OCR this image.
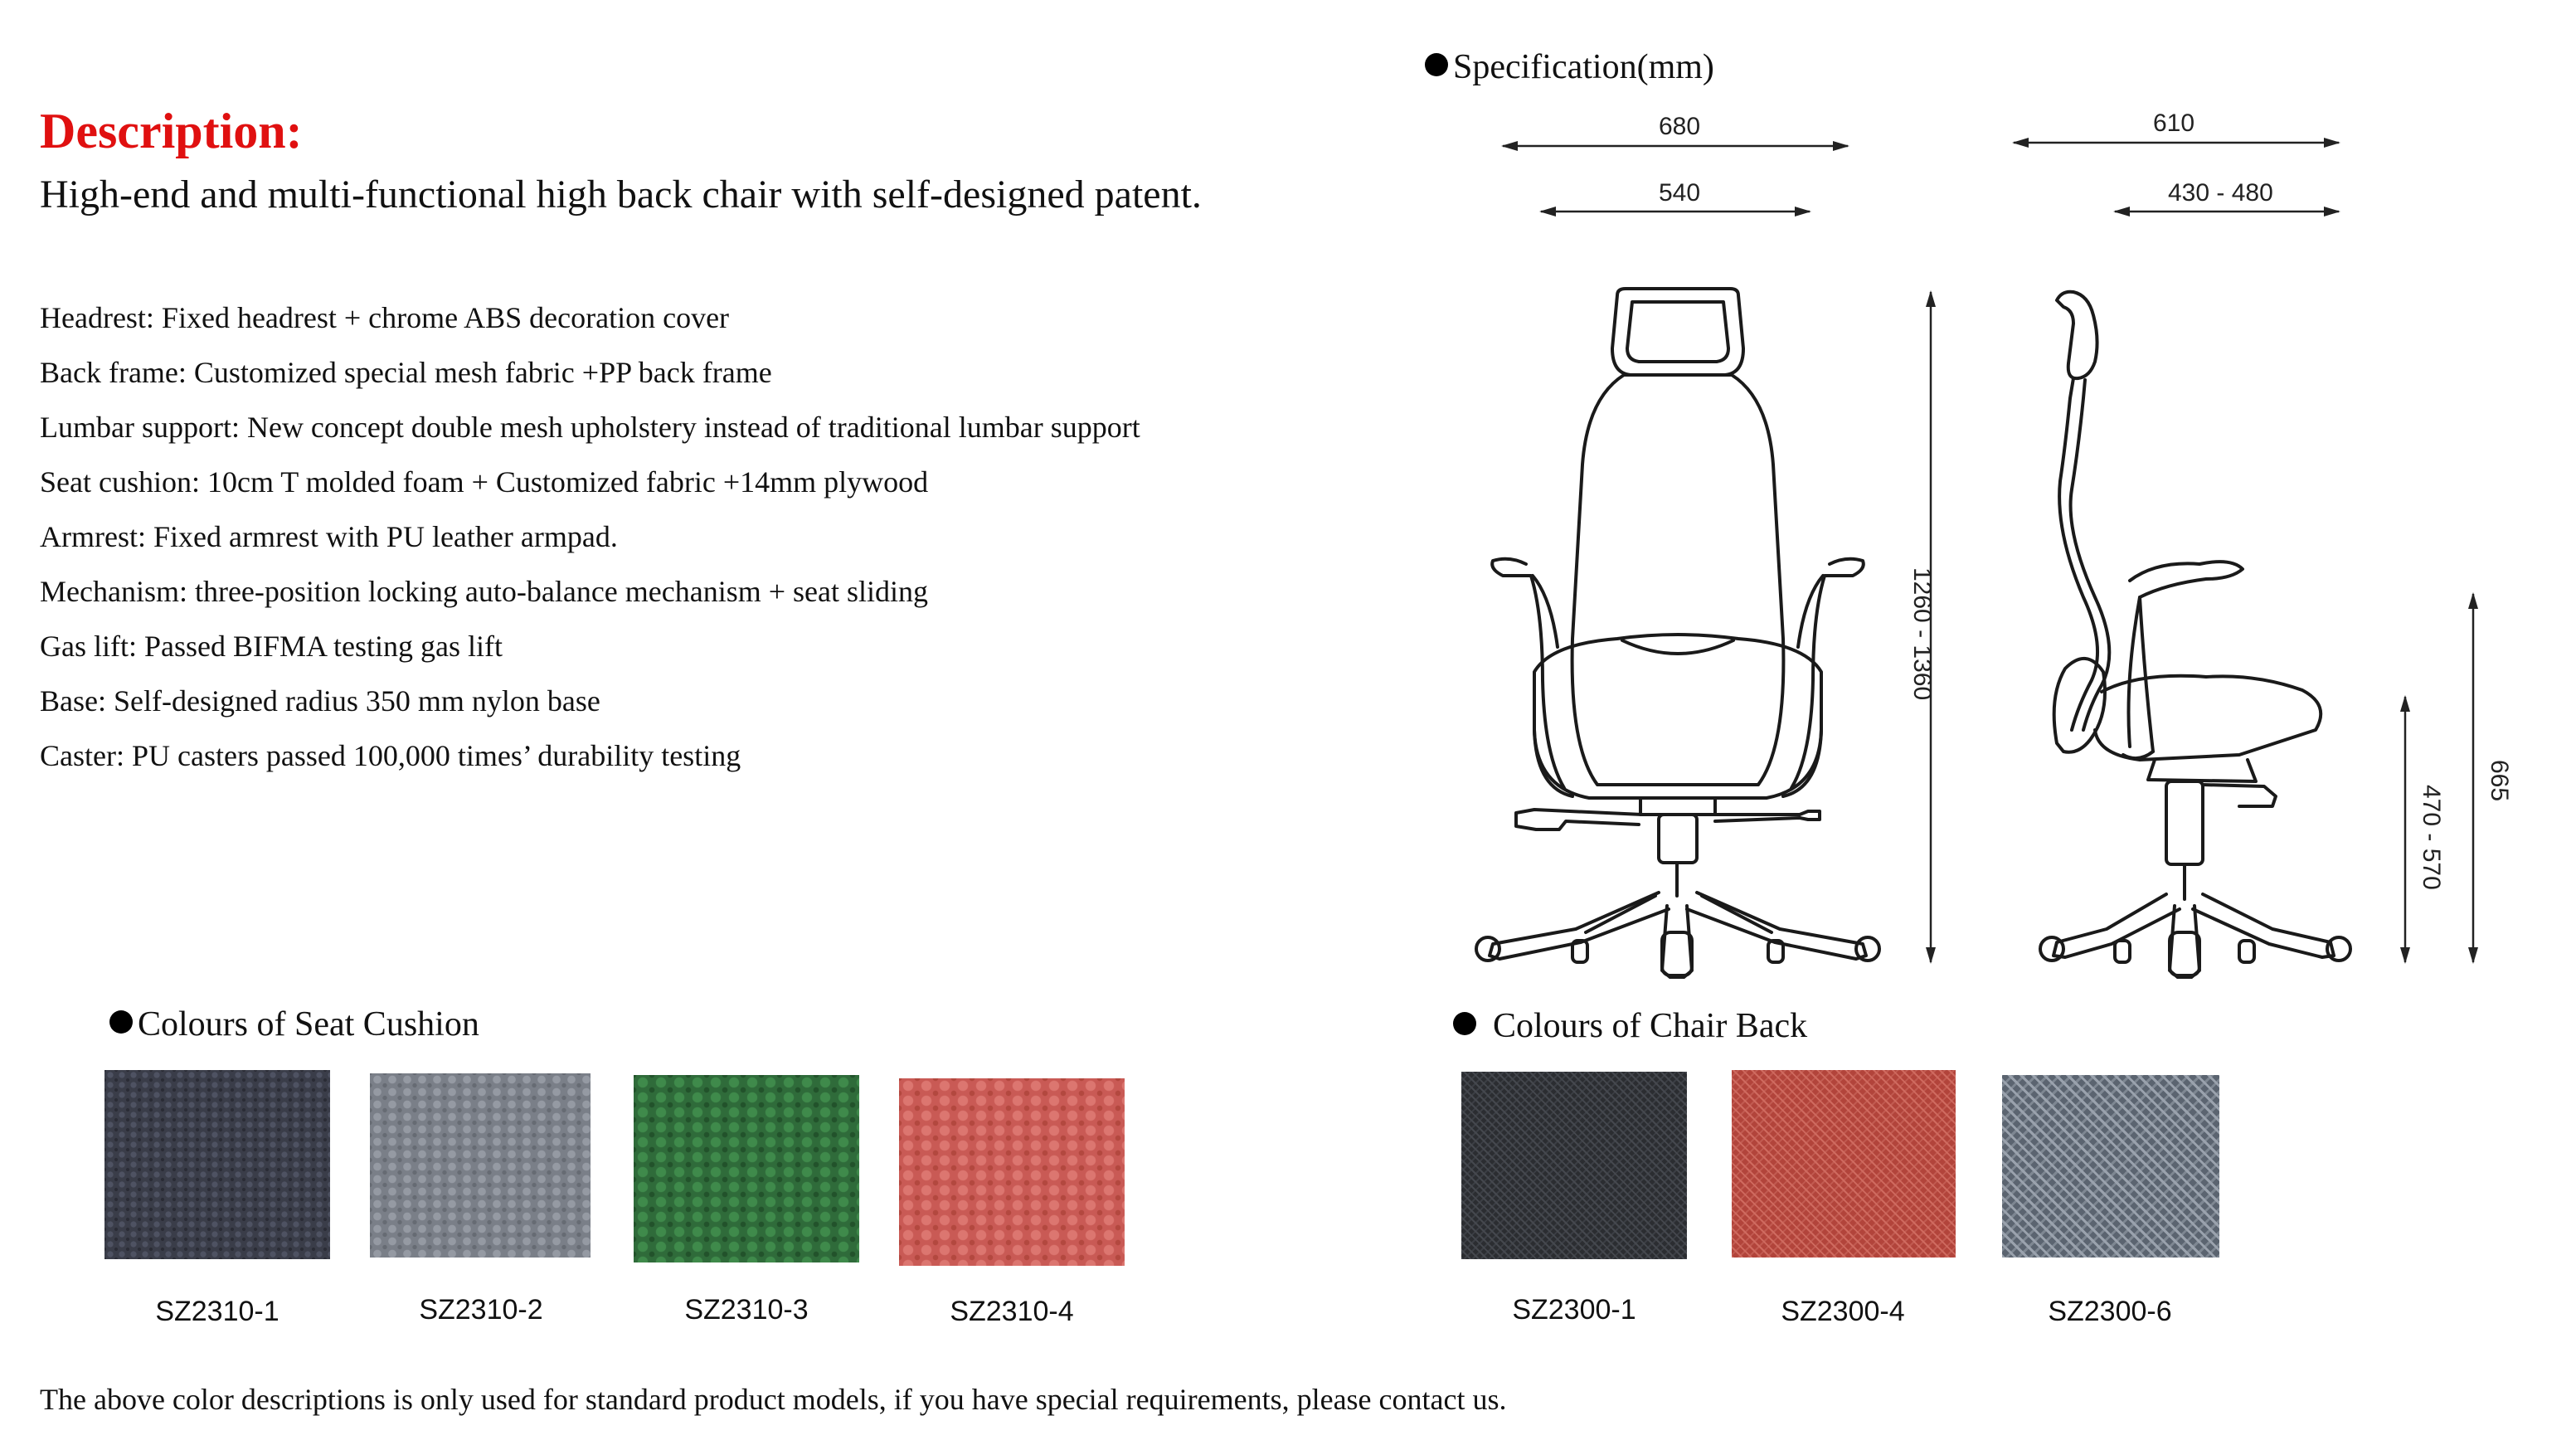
Description:
High-end and multi-functional high back chair with self-designed patent.
Headrest: Fixed headrest + chrome ABS decoration cover
Back frame: Customized special mesh fabric +PP back frame
Lumbar support: New concept double mesh upholstery instead of traditional lumbar support
Seat cushion: 10cm T molded foam + Customized fabric +14mm plywood
Armrest: Fixed armrest with PU leather armpad.
Mechanism: three-position locking auto-balance mechanism + seat sliding
Gas lift: Passed BIFMA testing gas lift
Base: Self-designed radius 350 mm nylon base
Caster: PU casters passed 100,000 times’ durability testing
Specification(mm)
680
540
1260 - 1360
610
430 - 480
470 - 570
665
Colours of Seat Cushion
SZ2310-1	SZ2310-2	SZ2310-3	SZ2310-4
Colours of Chair Back
SZ2300-1	SZ2300-4	SZ2300-6
The above color descriptions is only used for standard product models, if you have special requirements, please contact us.
